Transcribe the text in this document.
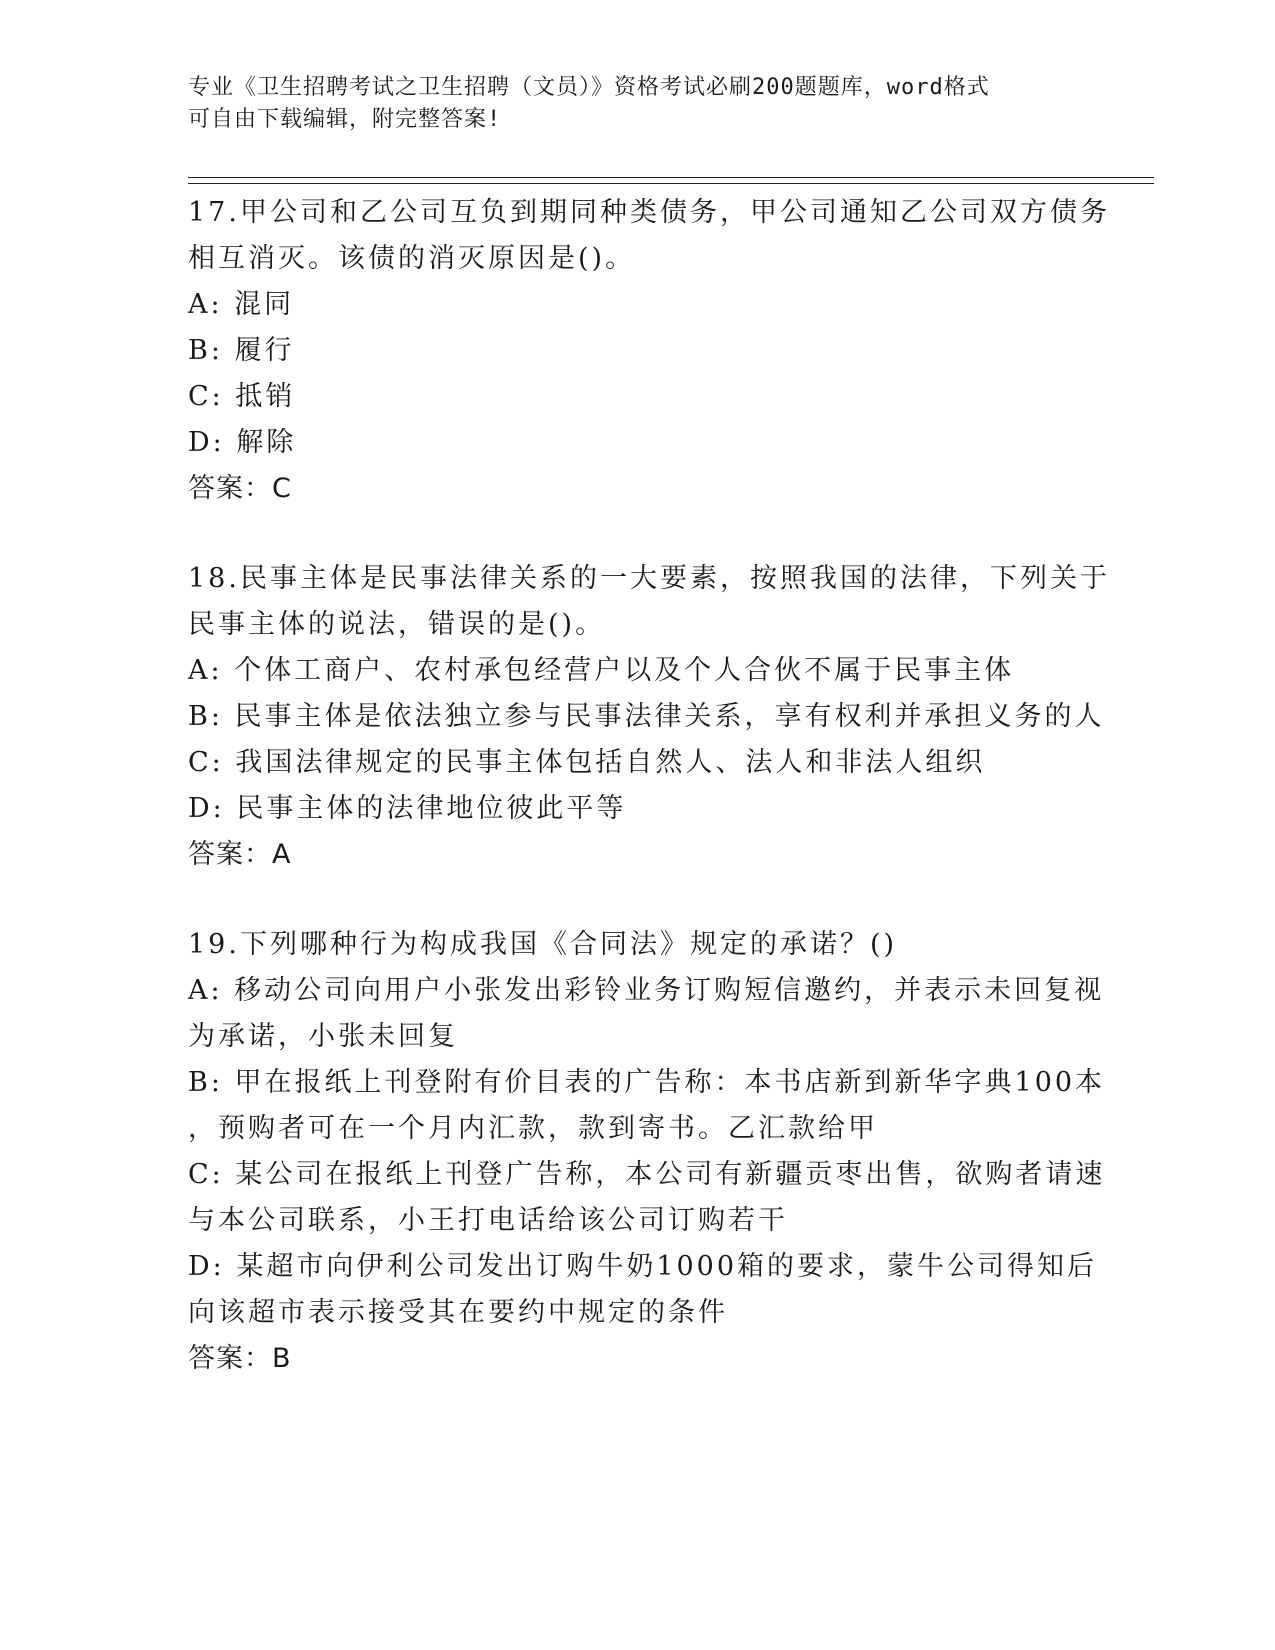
专业《卫生招聘考试之卫生招聘（文员）》资格考试必刷200题题库，word格式
可自由下载编辑，附完整答案!
17.甲公司和乙公司互负到期同种类债务，甲公司通知乙公司双方债务
相互消灭。该债的消灭原因是()。
A: 混同
B: 履行
C: 抵销
D: 解除
答案：C
18.民事主体是民事法律关系的一大要素，按照我国的法律，下列关于
民事主体的说法，错误的是()。
A: 个体工商户、农村承包经营户以及个人合伙不属于民事主体
B: 民事主体是依法独立参与民事法律关系，享有权利并承担义务的人
C: 我国法律规定的民事主体包括自然人、法人和非法人组织
D: 民事主体的法律地位彼此平等
答案：A
19.下列哪种行为构成我国《合同法》规定的承诺？()
A: 移动公司向用户小张发出彩铃业务订购短信邀约，并表示未回复视
为承诺，小张未回复
B: 甲在报纸上刊登附有价目表的广告称：本书店新到新华字典100本
，预购者可在一个月内汇款，款到寄书。乙汇款给甲
C: 某公司在报纸上刊登广告称，本公司有新疆贡枣出售，欲购者请速
与本公司联系，小王打电话给该公司订购若干
D: 某超市向伊利公司发出订购牛奶1000箱的要求，蒙牛公司得知后
向该超市表示接受其在要约中规定的条件
答案：B
